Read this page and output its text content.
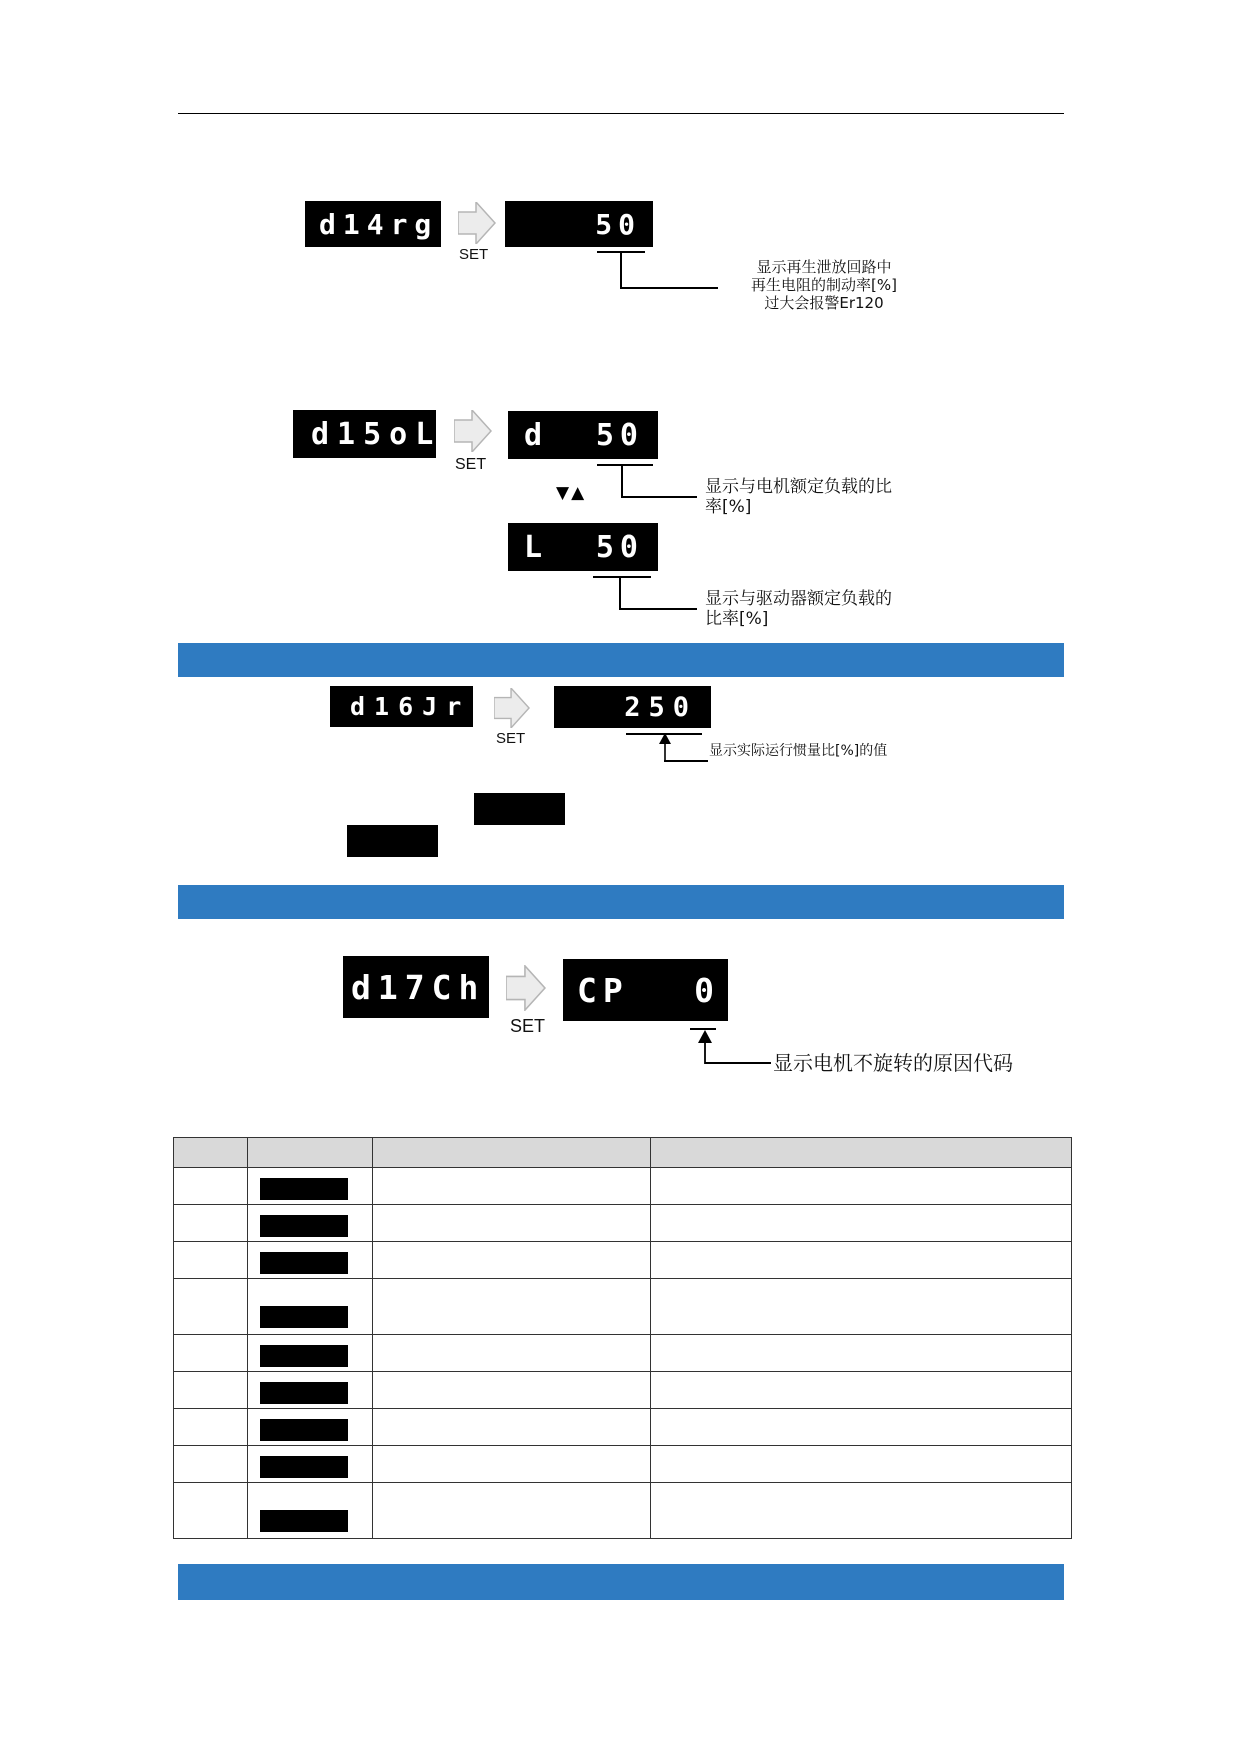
d14rg
SET
50
显示再生泄放回路中
再生电阻的制动率[%]
过大会报警Er120
d15oL
SET
d 50
显示与电机额定负载的比
率[%]
▼▲
L 50
显示与驱动器额定负载的
比率[%]
d16Jr
SET
250
显示实际运行惯量比[%]的值
d17Ch
SET
CP 0
显示电机不旋转的原因代码
